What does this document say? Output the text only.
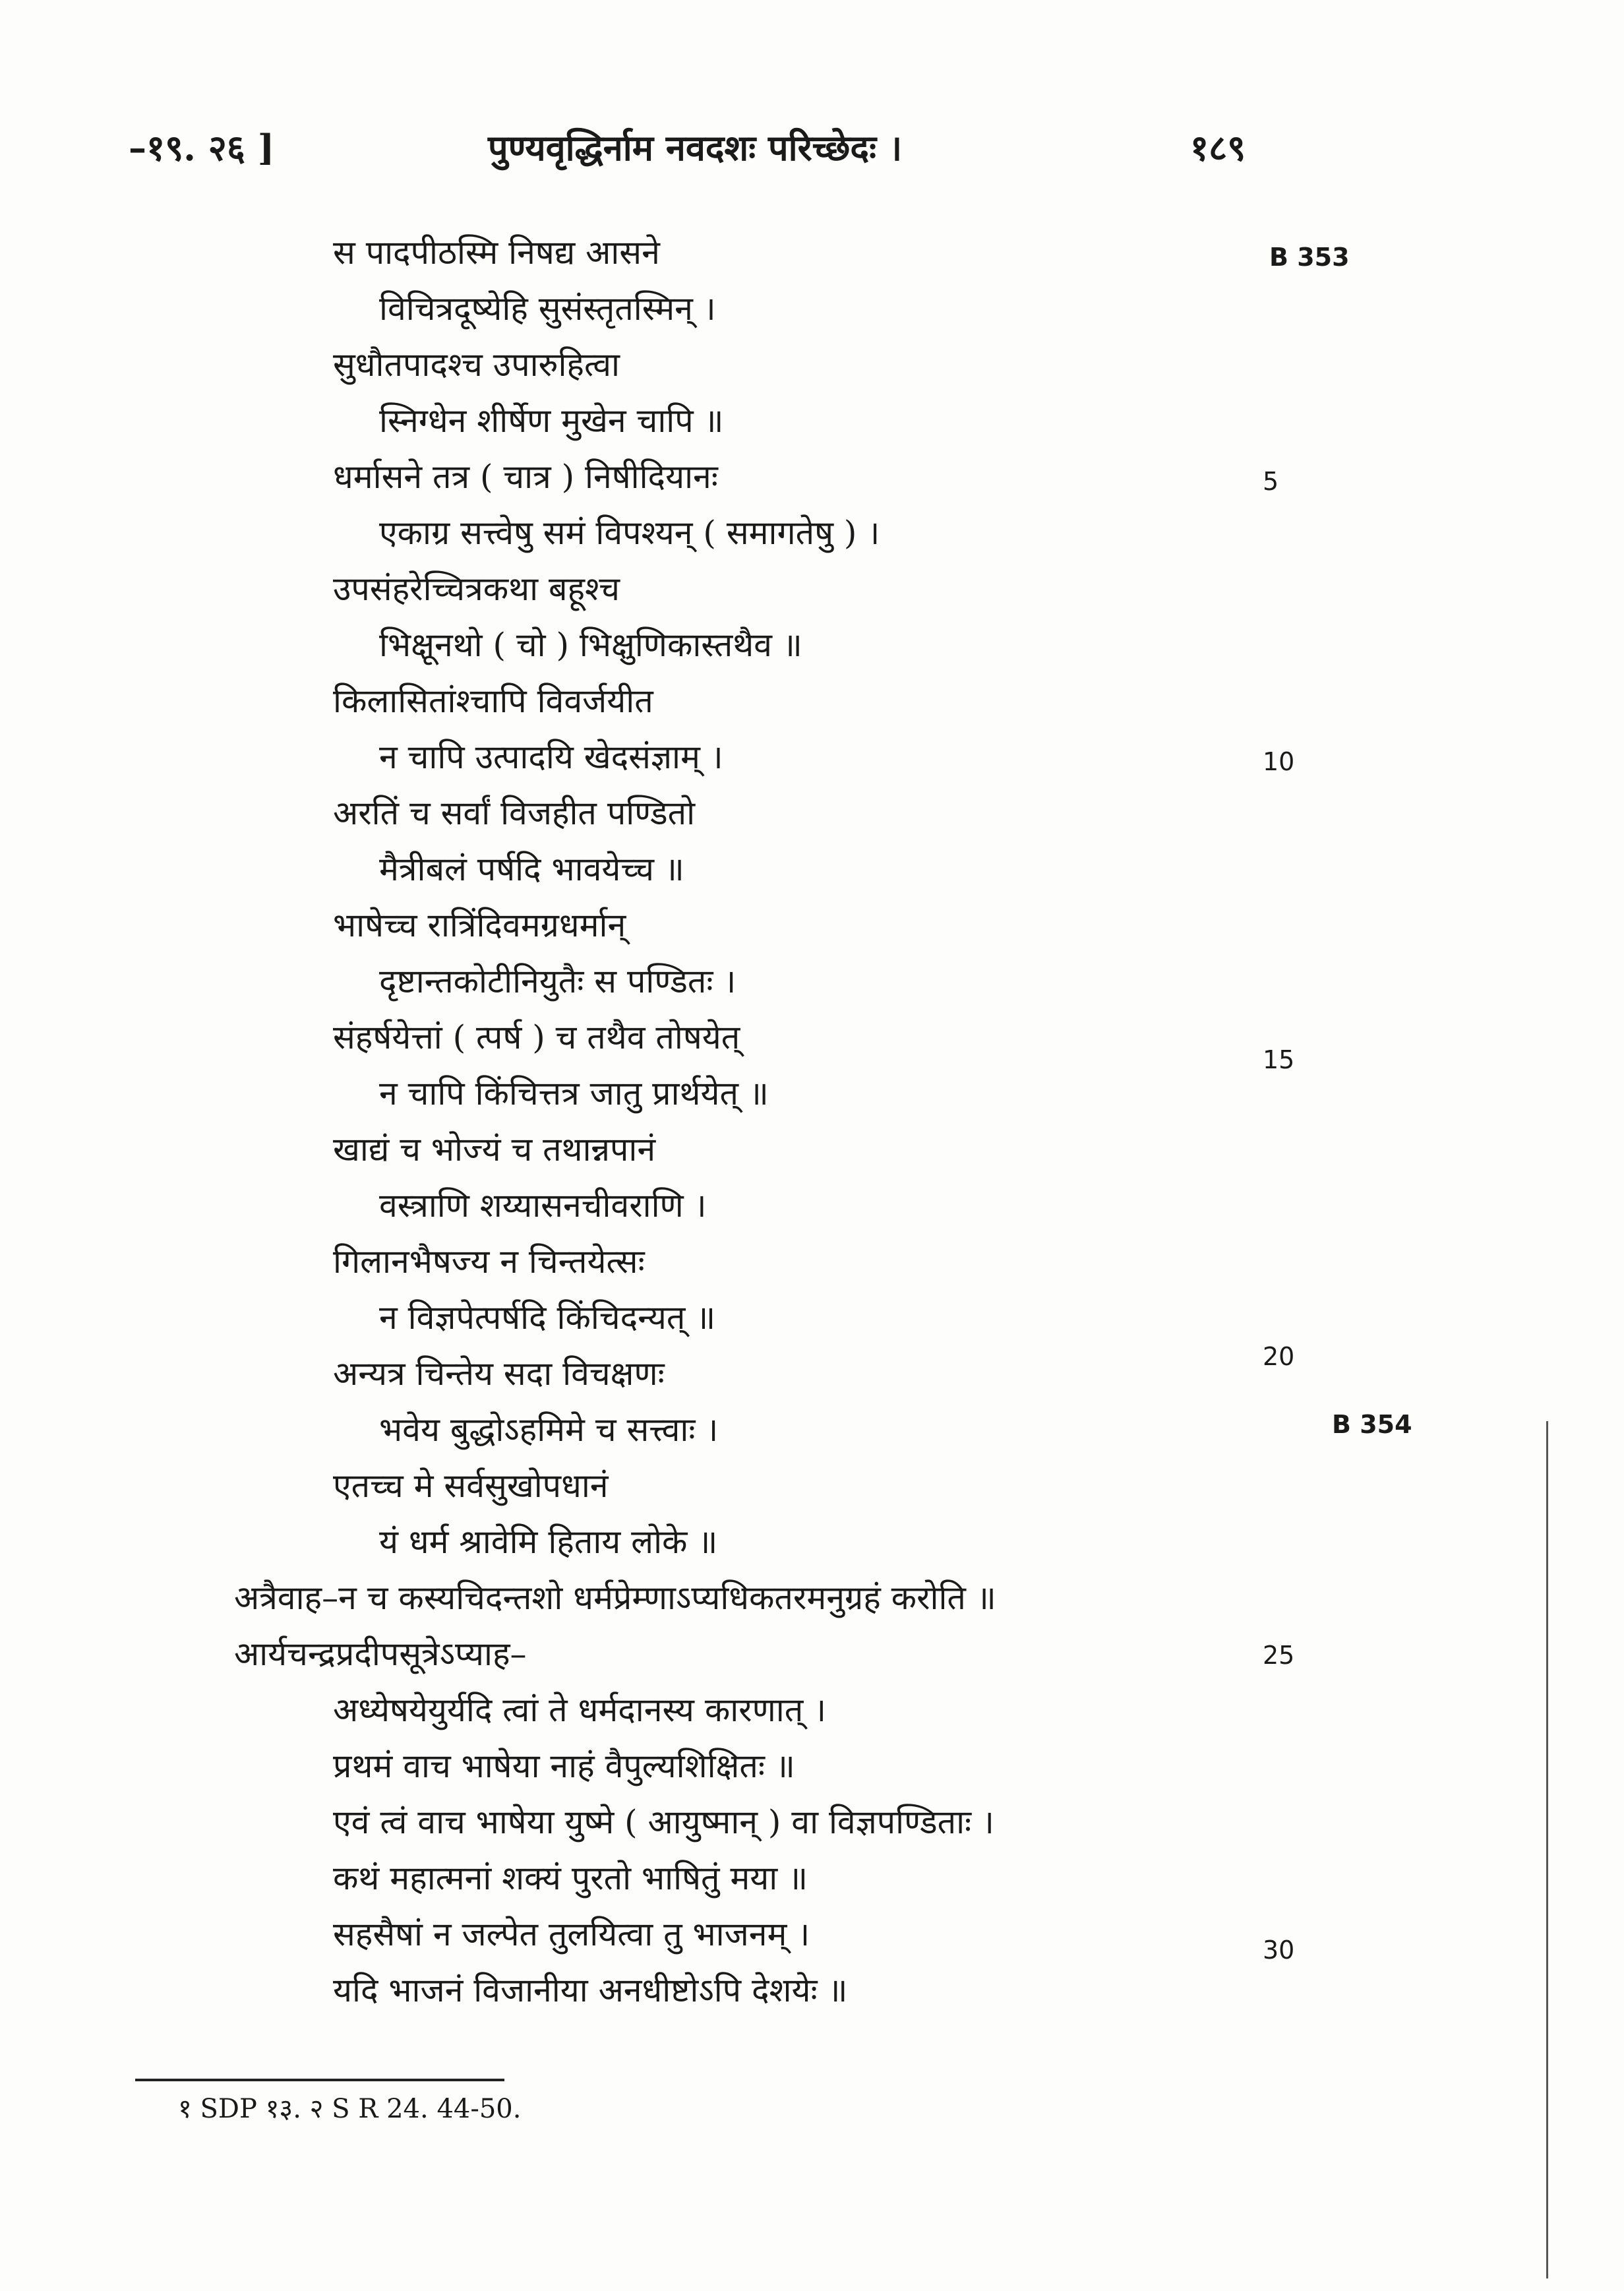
–१९. २६ ]	पुण्यवृद्धिर्नाम नवदशः परिच्छेदः ।	१८९
स पादपीठस्मि निषद्य आसने
विचित्रदूष्येहि सुसंस्तृतस्मिन् ।
सुधौतपादश्च उपारुहित्वा
स्निग्धेन शीर्षेण मुखेन चापि ॥
धर्मासने तत्र ( चात्र ) निषीदियानः
एकाग्र सत्त्वेषु समं विपश्यन् ( समागतेषु ) ।
उपसंहरेच्चित्रकथा बहूश्च
भिक्षूनथो ( चो ) भिक्षुणिकास्तथैव ॥
किलासितांश्चापि विवर्जयीत
न चापि उत्पादयि खेदसंज्ञाम् ।
अरतिं च सर्वां विजहीत पण्डितो
मैत्रीबलं पर्षदि भावयेच्च ॥
भाषेच्च रात्रिंदिवमग्रधर्मान्
दृष्टान्तकोटीनियुतैः स पण्डितः ।
संहर्षयेत्तां ( त्पर्ष ) च तथैव तोषयेत्
न चापि किंचित्तत्र जातु प्रार्थयेत् ॥
खाद्यं च भोज्यं च तथान्नपानं
वस्त्राणि शय्यासनचीवराणि ।
गिलानभैषज्य न चिन्तयेत्सः
न विज्ञपेत्पर्षदि किंचिदन्यत् ॥
अन्यत्र चिन्तेय सदा विचक्षणः
भवेय बुद्धोऽहमिमे च सत्त्वाः ।
एतच्च मे सर्वसुखोपधानं
यं धर्म श्रावेमि हिताय लोके ॥
अत्रैवाह–न च कस्यचिदन्तशो धर्मप्रेम्णाऽप्यधिकतरमनुग्रहं करोति ॥
आर्यचन्द्रप्रदीपसूत्रेऽप्याह–
अध्येषयेयुर्यदि त्वां ते धर्मदानस्य कारणात् ।
प्रथमं वाच भाषेया नाहं वैपुल्यशिक्षितः ॥
एवं त्वं वाच भाषेया युष्मे ( आयुष्मान् ) वा विज्ञपण्डिताः ।
कथं महात्मनां शक्यं पुरतो भाषितुं मया ॥
सहसैषां न जल्पेत तुलयित्वा तु भाजनम् ।
यदि भाजनं विजानीया अनधीष्टोऽपि देशयेः ॥
B 353
B 354
5
10
15
20
25
30
१ SDP १३. २ S R 24. 44-50.
